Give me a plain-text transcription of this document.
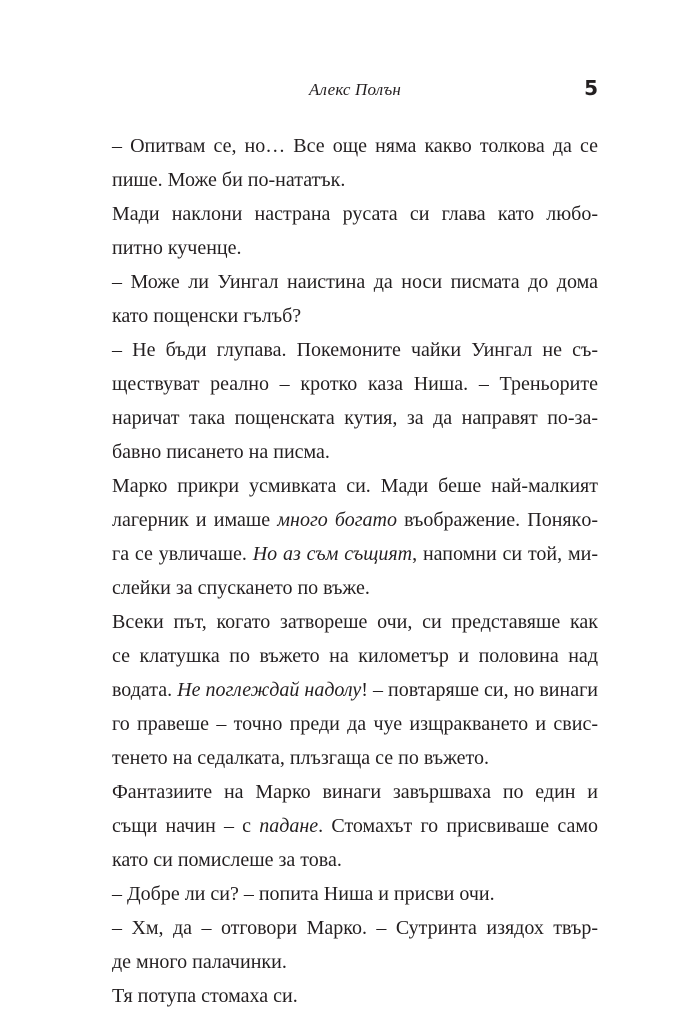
Алекс Полън	5
– Опитвам се, но… Все още няма какво толкова да се
пише. Може би по-нататък.
Мади наклони настрана русата си глава като любо-
питно кученце.
– Може ли Уингал наистина да носи писмата до дома
като пощенски гълъб?
– Не бъди глупава. Покемоните чайки Уингал не съ-
ществуват реално – кротко каза Ниша. – Треньорите
наричат така пощенската кутия, за да направят по-за-
бавно писането на писма.
Марко прикри усмивката си. Мади беше най-малкият
лагерник и имаше много богато въображение. Понякo-
га се увличаше. Но аз съм същият, напомни си той, ми-
слейки за спускането по въже.
Всеки път, когато затвореше очи, си представяше как
се клатушка по въжето на километър и половина над
водата. Не поглеждай надолу! – повтаряше си, но винаги
го правеше – точно преди да чуе изщракването и свис-
тенето на седалката, плъзгаща се по въжето.
Фантазиите на Марко винаги завършваха по един и
същи начин – с падане. Стомахът го присвиваше само
като си помислеше за това.
– Добре ли си? – попита Ниша и присви очи.
– Хм, да – отговори Марко. – Сутринта изядох твър-
де много палачинки.
Тя потупа стомаха си.
